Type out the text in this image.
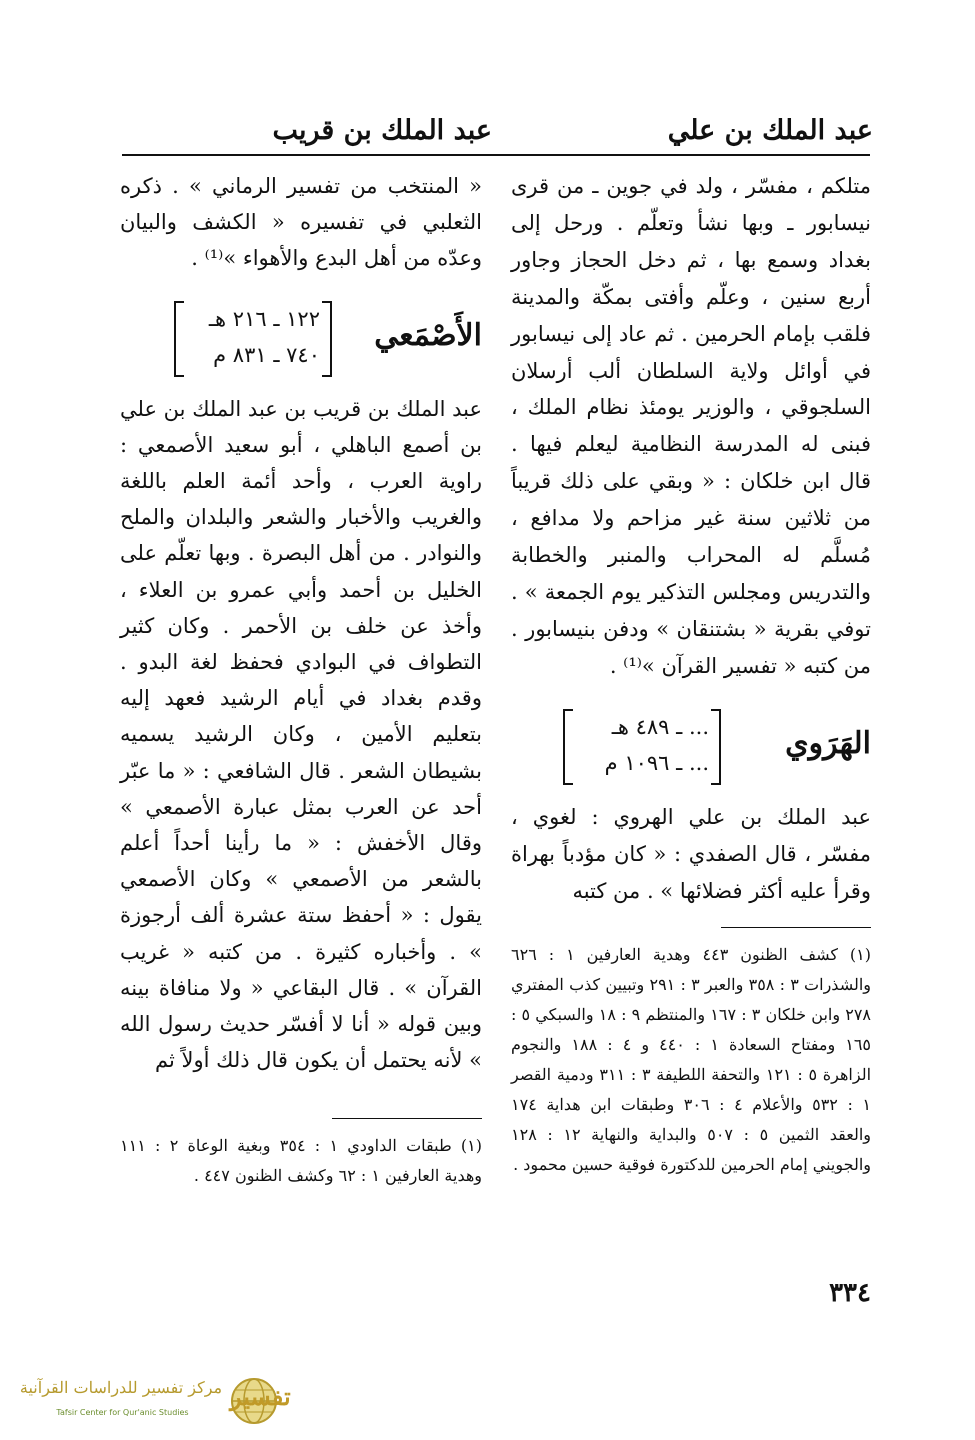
عبد الملك بن علي
عبد الملك بن قريب

متلكم ، مفسّر ، ولد في جوين ـ من قرى نيسابور ـ وبها نشأ وتعلّم . ورحل إلى بغداد وسمع بها ، ثم دخل الحجاز وجاور أربع سنين ، وعلّم وأفتى بمكّة والمدينة فلقب بإمام الحرمين . ثم عاد إلى نيسابور في أوائل ولاية السلطان ألب أرسلان السلجوقي ، والوزير يومئذ نظام الملك ، فبنى له المدرسة النظامية ليعلم فيها . قال ابن خلكان : « وبقي على ذلك قريباً من ثلاثين سنة غير مزاحم ولا مدافع ، مُسلَّم له المحراب والمنبر والخطابة والتدريس ومجلس التذكير يوم الجمعة » . توفي بقرية « بشتنقان » ودفن بنيسابور . من كتبه « تفسير القرآن »⁽¹⁾ .

الهَرَوي
... ـ ٤٨٩ هـ
... ـ ١٠٩٦ م

عبد الملك بن علي الهروي : لغوي ، مفسّر ، قال الصفدي : « كان مؤدباً بهراة وقرأ عليه أكثر فضلائها » . من كتبه

(١) كشف الظنون ٤٤٣ وهدية العارفين ١ : ٦٢٦ والشذرات ٣ : ٣٥٨ والعبر ٣ : ٢٩١ وتبيين كذب المفتري ٢٧٨ وابن خلكان ٣ : ١٦٧ والمنتظم ٩ : ١٨ والسبكي ٥ : ١٦٥ ومفتاح السعادة ١ : ٤٤٠ و ٤ : ١٨٨ والنجوم الزاهرة ٥ : ١٢١ والتحفة اللطيفة ٣ : ٣١١ ودمية القصر ١ : ٥٣٢ والأعلام ٤ : ٣٠٦ وطبقات ابن هداية ١٧٤ والعقد الثمين ٥ : ٥٠٧ والبداية والنهاية ١٢ : ١٢٨ والجويني إمام الحرمين للدكتورة فوقية حسين محمود .

« المنتخب من تفسير الرماني » . ذكره الثعلبي في تفسيره « الكشف والبيان وعدّه من أهل البدع والأهواء »⁽¹⁾ .

الأَصْمَعي
١٢٢ ـ ٢١٦ هـ
٧٤٠ ـ ٨٣١ م

عبد الملك بن قريب بن عبد الملك بن علي بن أصمع الباهلي ، أبو سعيد الأصمعي : راوية العرب ، وأحد أئمة العلم باللغة والغريب والأخبار والشعر والبلدان والملح والنوادر . من أهل البصرة . وبها تعلّم على الخليل بن أحمد وأبي عمرو بن العلاء ، وأخذ عن خلف بن الأحمر . وكان كثير التطواف في البوادي فحفظ لغة البدو . وقدم بغداد في أيام الرشيد فعهد إليه بتعليم الأمين ، وكان الرشيد يسميه بشيطان الشعر . قال الشافعي : « ما عبّر أحد عن العرب بمثل عبارة الأصمعي » وقال الأخفش : « ما رأينا أحداً أعلم بالشعر من الأصمعي » وكان الأصمعي يقول : « أحفظ ستة عشرة ألف أرجوزة » . وأخباره كثيرة . من كتبه « غريب القرآن » . قال البقاعي « ولا منافاة بينه وبين قوله « أنا لا أفسّر حديث رسول الله » لأنه يحتمل أن يكون قال ذلك أولاً ثم

(١) طبقات الداودي ١ : ٣٥٤ وبغية الوعاة ٢ : ١١١ وهدية العارفين ١ : ٦٢ وكشف الظنون ٤٤٧ .

٣٣٤
تفسير
مركز تفسير للدراسات القرآنية
Tafsir Center for Qur'anic Studies
